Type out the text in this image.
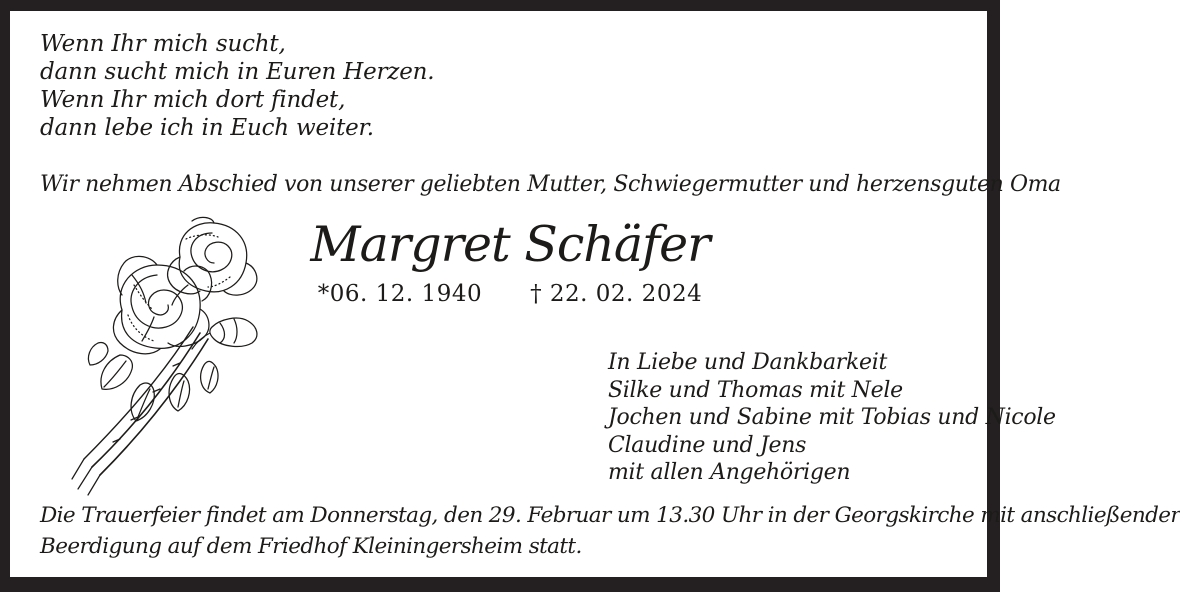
Wenn Ihr mich sucht,
dann sucht mich in Euren Herzen.
Wenn Ihr mich dort findet,
dann lebe ich in Euch weiter.
Wir nehmen Abschied von unserer geliebten Mutter, Schwiegermutter und herzensguten Oma
Margret Schäfer
*06. 12. 1940 † 22. 02. 2024
In Liebe und Dankbarkeit
Silke und Thomas mit Nele
Jochen und Sabine mit Tobias und Nicole
Claudine und Jens
mit allen Angehörigen
Die Trauerfeier findet am Donnerstag, den 29. Februar um 13.30 Uhr in der Georgskirche mit anschließender
Beerdigung auf dem Friedhof Kleiningersheim statt.
